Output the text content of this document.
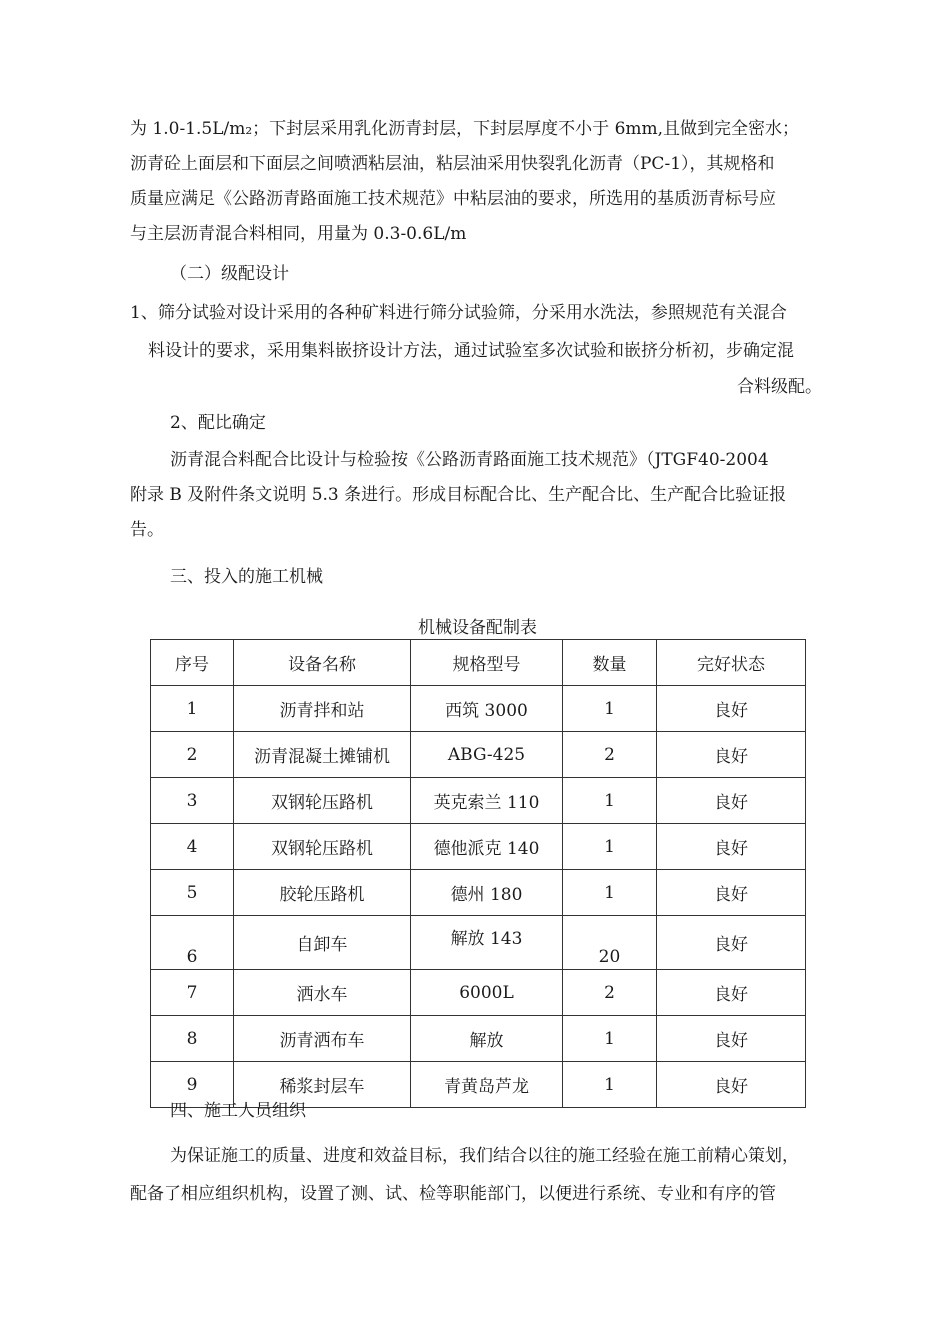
为 1.0-1.5L/m₂；下封层采用乳化沥青封层，下封层厚度不小于 6mm,且做到完全密水；
沥青砼上面层和下面层之间喷洒粘层油，粘层油采用快裂乳化沥青（PC-1），其规格和
质量应满足《公路沥青路面施工技术规范》中粘层油的要求，所选用的基质沥青标号应
与主层沥青混合料相同，用量为 0.3-0.6L/m
（二）级配设计
1、筛分试验对设计采用的各种矿料进行筛分试验筛，分采用水洗法，参照规范有关混合
料设计的要求，采用集料嵌挤设计方法，通过试验室多次试验和嵌挤分析初，步确定混
合料级配。
2、配比确定
沥青混合料配合比设计与检验按《公路沥青路面施工技术规范》（JTGF40-2004
附录 B 及附件条文说明 5.3 条进行。形成目标配合比、生产配合比、生产配合比验证报
告。
三、投入的施工机械
机械设备配制表
序号	设备名称	规格型号	数量	完好状态
1	沥青拌和站	西筑 3000	1	良好
2	沥青混凝土摊铺机	ABG-425	2	良好
3	双钢轮压路机	英克索兰 110	1	良好
4	双钢轮压路机	德他派克 140	1	良好
5	胶轮压路机	德州 180	1	良好
6	自卸车	解放 143	20	良好
7	洒水车	6000L	2	良好
8	沥青洒布车	解放	1	良好
9	稀浆封层车	青黄岛芦龙	1	良好
四、施工人员组织
为保证施工的质量、进度和效益目标，我们结合以往的施工经验在施工前精心策划，
配备了相应组织机构，设置了测、试、检等职能部门，以便进行系统、专业和有序的管
